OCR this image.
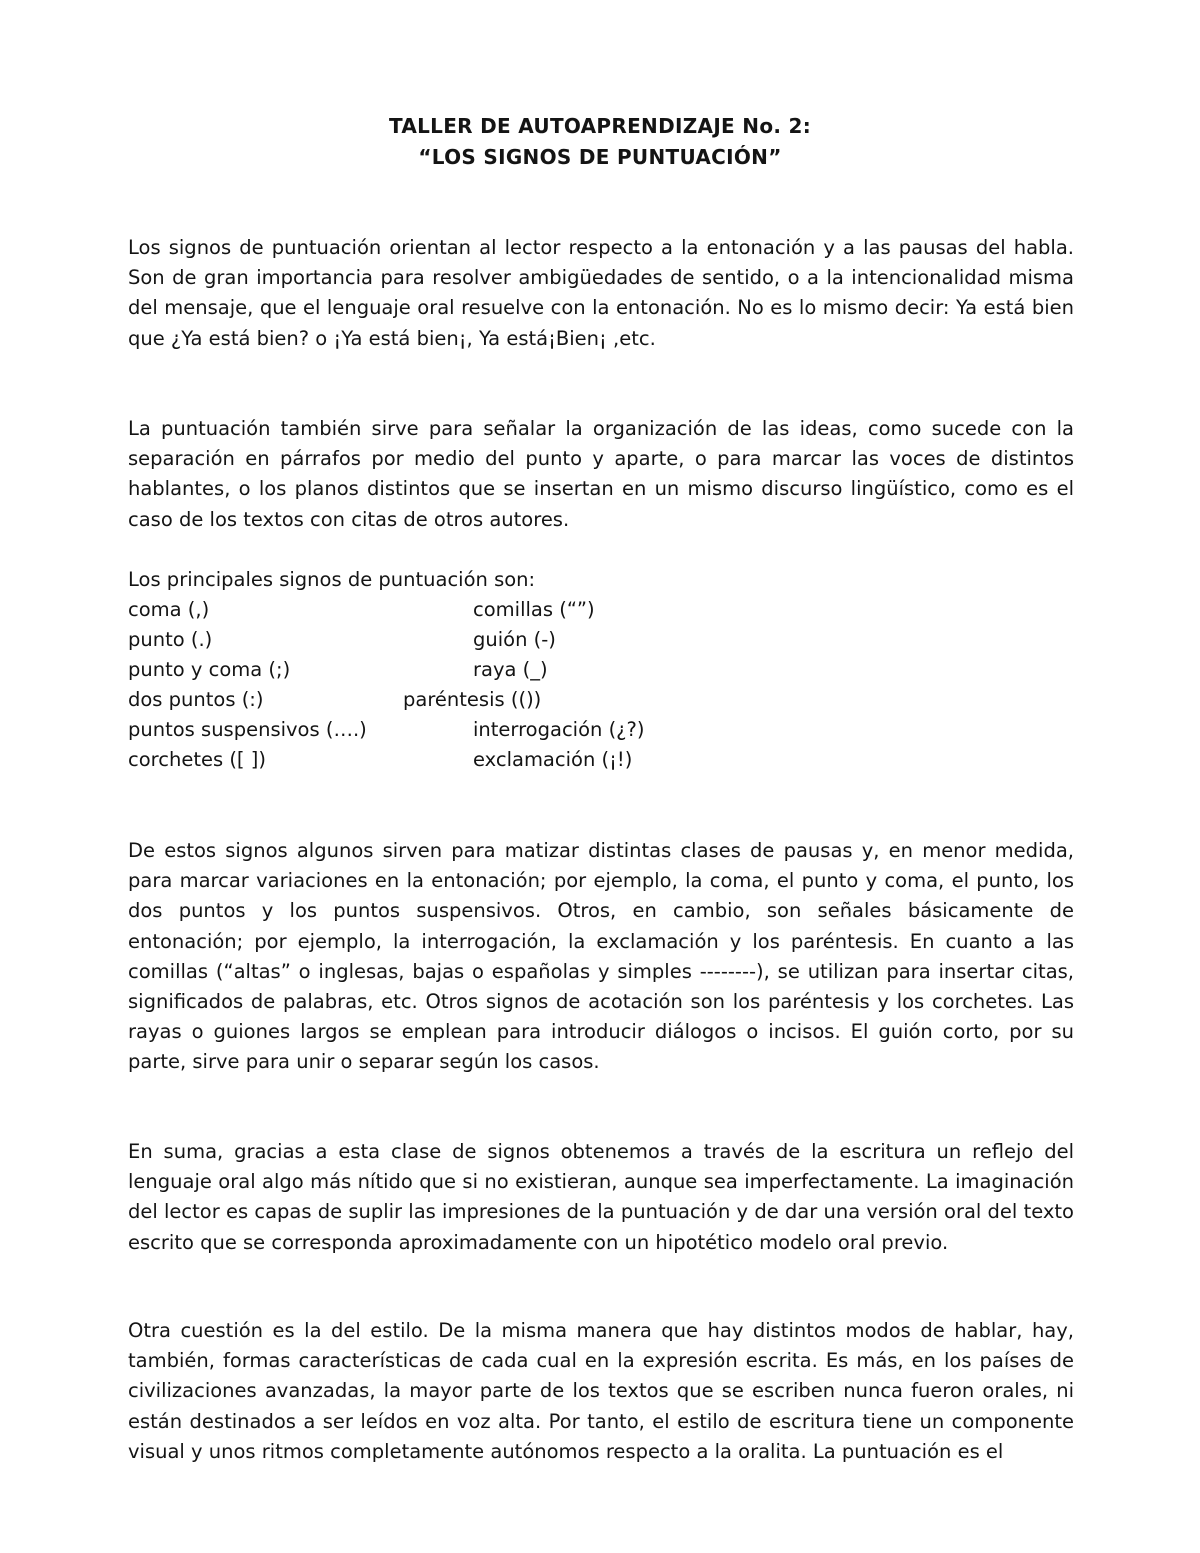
TALLER DE AUTOAPRENDIZAJE No. 2:
“LOS SIGNOS DE PUNTUACIÓN”

Los signos de puntuación orientan al lector respecto a la entonación y a las pausas del habla. Son de gran importancia para resolver ambigüedades de sentido, o a la intencionalidad misma del mensaje, que el lenguaje oral resuelve con la entonación. No es lo mismo decir: Ya está bien que ¿Ya está bien? o ¡Ya está bien¡, Ya está¡Bien¡ ,etc.

La puntuación también sirve para señalar la organización de las ideas, como sucede con la separación en párrafos por medio del punto y aparte, o para marcar las voces de distintos hablantes, o los planos distintos que se insertan en un mismo discurso lingüístico, como es el caso de los textos con citas de otros autores.

Los principales signos de puntuación son:
coma (,)	comillas (“”)
punto (.)	guión (-)
punto y coma (;)	raya (_)
dos puntos (:)	paréntesis (())
puntos suspensivos (….)	interrogación (¿?)
corchetes ([ ])	exclamación (¡!)

De estos signos algunos sirven para matizar distintas clases de pausas y, en menor medida, para marcar variaciones en la entonación; por ejemplo, la coma, el punto y coma, el punto, los dos puntos y los puntos suspensivos. Otros, en cambio, son señales básicamente de entonación; por ejemplo, la interrogación, la exclamación y los paréntesis. En cuanto a las comillas (“altas” o inglesas, bajas o españolas y simples --------), se utilizan para insertar citas, significados de palabras, etc. Otros signos de acotación son los paréntesis y los corchetes. Las rayas o guiones largos se emplean para introducir diálogos o incisos. El guión corto, por su parte, sirve para unir o separar según los casos.

En suma, gracias a esta clase de signos obtenemos a través de la escritura un reflejo del lenguaje oral algo más nítido que si no existieran, aunque sea imperfectamente. La imaginación del lector es capas de suplir las impresiones de la puntuación y de dar una versión oral del texto escrito que se corresponda aproximadamente con un hipotético modelo oral previo.

Otra cuestión es la del estilo. De la misma manera que hay distintos modos de hablar, hay, también, formas características de cada cual en la expresión escrita. Es más, en los países de civilizaciones avanzadas, la mayor parte de los textos que se escriben nunca fueron orales, ni están destinados a ser leídos en voz alta. Por tanto, el estilo de escritura tiene un componente visual y unos ritmos completamente autónomos respecto a la oralita. La puntuación es el
